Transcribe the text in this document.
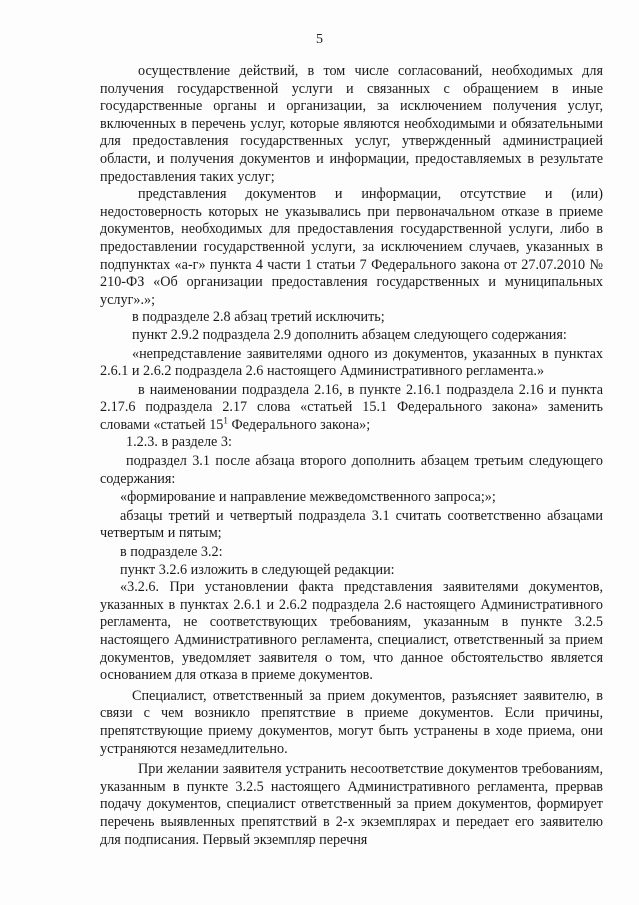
5

осуществление действий, в том числе согласований, необходимых для получения государственной услуги и связанных с обращением в иные государственные органы и организации, за исключением получения услуг, включенных в перечень услуг, которые являются необходимыми и обязательными для предоставления государственных услуг, утвержденный администрацией области, и получения документов и информации, предоставляемых в результате предоставления таких услуг;

представления документов и информации, отсутствие и (или) недостоверность которых не указывались при первоначальном отказе в приеме документов, необходимых для предоставления государственной услуги, либо в предоставлении государственной услуги, за исключением случаев, указанных в подпунктах «а-г» пункта 4 части 1 статьи 7 Федерального закона от 27.07.2010 № 210-ФЗ «Об организации предоставления государственных и муниципальных услуг».»;

в подразделе 2.8 абзац третий исключить;

пункт 2.9.2 подраздела 2.9 дополнить абзацем следующего содержания:

«непредставление заявителями одного из документов, указанных в пунктах 2.6.1 и 2.6.2 подраздела 2.6 настоящего Административного регламента.»

в наименовании подраздела 2.16, в пункте 2.16.1 подраздела 2.16 и пункта 2.17.6 подраздела 2.17 слова «статьей 15.1 Федерального закона» заменить словами «статьей $15^1$ Федерального закона»;

1.2.3. в разделе 3:

подраздел 3.1 после абзаца второго дополнить абзацем третьим следующего содержания:

«формирование и направление межведомственного запроса;»;

абзацы третий и четвертый подраздела 3.1 считать соответственно абзацами четвертым и пятым;

в подразделе 3.2:

пункт 3.2.6 изложить в следующей редакции:

«3.2.6. При установлении факта представления заявителями документов, указанных в пунктах 2.6.1 и 2.6.2 подраздела 2.6 настоящего Административного регламента, не соответствующих требованиям, указанным в пункте 3.2.5 настоящего Административного регламента, специалист, ответственный за прием документов, уведомляет заявителя о том, что данное обстоятельство является основанием для отказа в приеме документов.

Специалист, ответственный за прием документов, разъясняет заявителю, в связи с чем возникло препятствие в приеме документов. Если причины, препятствующие приему документов, могут быть устранены в ходе приема, они устраняются незамедлительно.

При желании заявителя устранить несоответствие документов требованиям, указанным в пункте 3.2.5 настоящего Административного регламента, прервав подачу документов, специалист ответственный за прием документов, формирует перечень выявленных препятствий в 2-х экземплярах и передает его заявителю для подписания. Первый экземпляр перечня
